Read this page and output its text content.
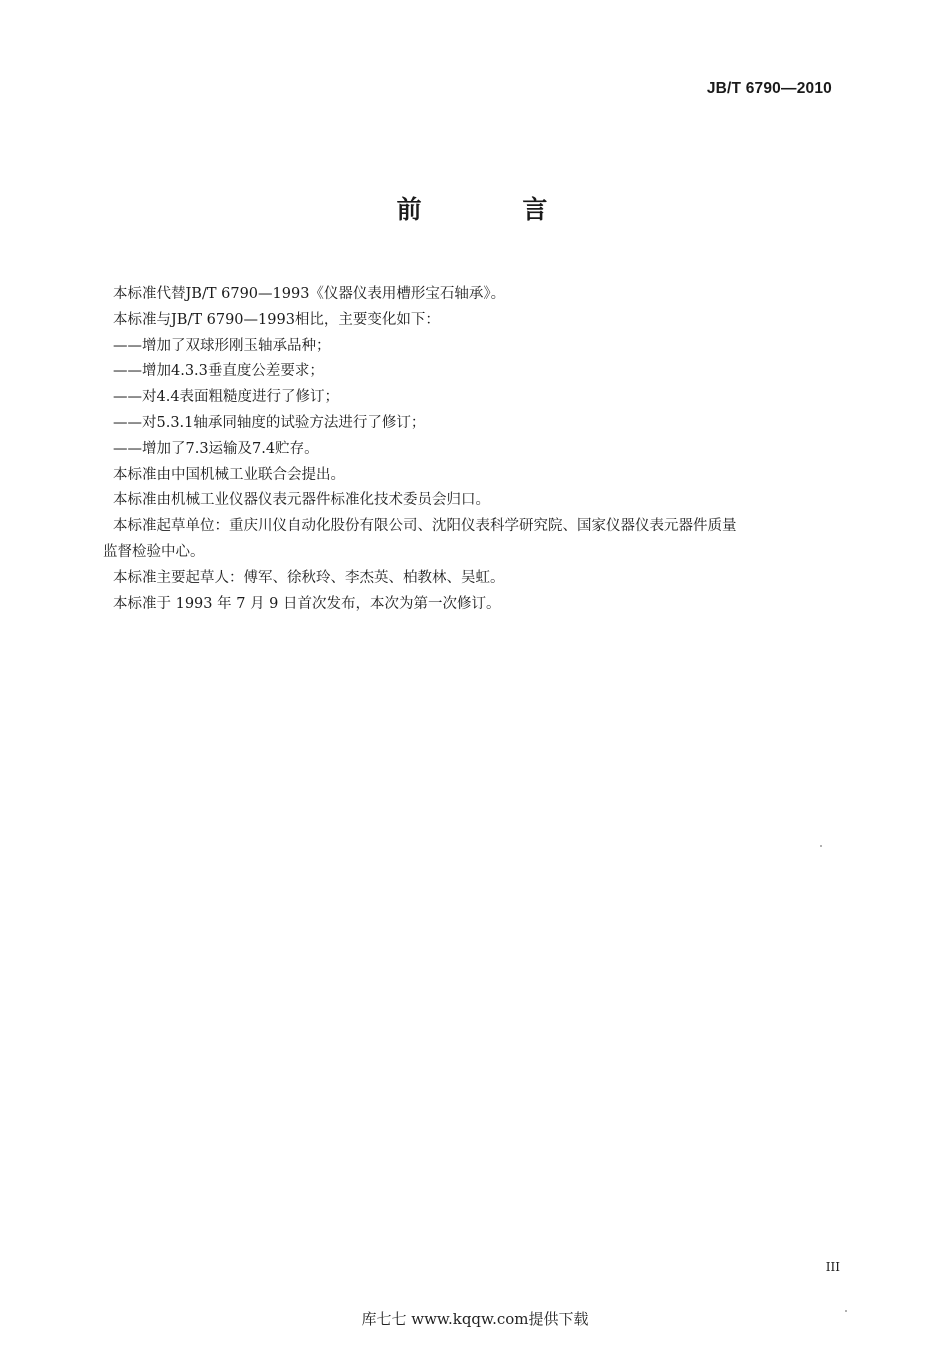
JB/T 6790—2010
前 言

本标准代替JB/T 6790—1993《仪器仪表用槽形宝石轴承》。

本标准与JB/T 6790—1993相比，主要变化如下：

——增加了双球形刚玉轴承品种；

——增加4.3.3垂直度公差要求；

——对4.4表面粗糙度进行了修订；

——对5.3.1轴承同轴度的试验方法进行了修订；

——增加了7.3运输及7.4贮存。

本标准由中国机械工业联合会提出。

本标准由机械工业仪器仪表元器件标准化技术委员会归口。

本标准起草单位：重庆川仪自动化股份有限公司、沈阳仪表科学研究院、国家仪器仪表元器件质量

监督检验中心。

本标准主要起草人：傅军、徐秋玲、李杰英、柏教林、吴虹。

本标准于 1993 年 7 月 9 日首次发布，本次为第一次修订。

III
库七七 www.kqqw.com提供下载
